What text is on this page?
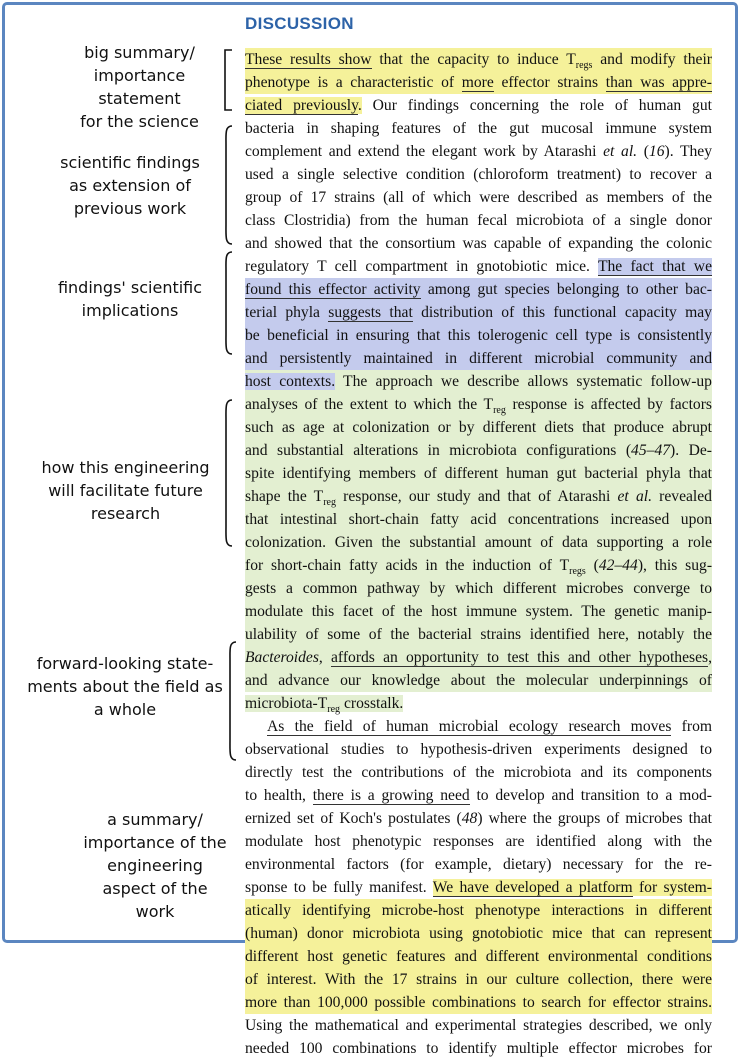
DISCUSSION
big summary/
importance statement
for the science
scientific findings
as extension of
previous work
findings' scientific
implications
how this engineering
will facilitate future
research
forward-looking state-
ments about the field as
a whole
a summary/
importance of the
engineering
aspect of the
work
These results show that the capacity to induce $T_{regs}$ and modify their
phenotype is a characteristic of more effector strains than was appre-
ciated previously. Our findings concerning the role of human gut
bacteria in shaping features of the gut mucosal immune system
complement and extend the elegant work by Atarashi et al. (16). They
used a single selective condition (chloroform treatment) to recover a
group of 17 strains (all of which were described as members of the
class Clostridia) from the human fecal microbiota of a single donor
and showed that the consortium was capable of expanding the colonic
regulatory T cell compartment in gnotobiotic mice. The fact that we
found this effector activity among gut species belonging to other bac-
terial phyla suggests that distribution of this functional capacity may
be beneficial in ensuring that this tolerogenic cell type is consistently
and persistently maintained in different microbial community and
host contexts. The approach we describe allows systematic follow-up
analyses of the extent to which the $T_{reg}$ response is affected by factors
such as age at colonization or by different diets that produce abrupt
and substantial alterations in microbiota configurations (45–47). De-
spite identifying members of different human gut bacterial phyla that
shape the $T_{reg}$ response, our study and that of Atarashi et al. revealed
that intestinal short-chain fatty acid concentrations increased upon
colonization. Given the substantial amount of data supporting a role
for short-chain fatty acids in the induction of $T_{regs}$ (42–44), this sug-
gests a common pathway by which different microbes converge to
modulate this facet of the host immune system. The genetic manip-
ulability of some of the bacterial strains identified here, notably the
Bacteroides, affords an opportunity to test this and other hypotheses,
and advance our knowledge about the molecular underpinnings of
microbiota-$T_{reg}$ crosstalk.
As the field of human microbial ecology research moves from
observational studies to hypothesis-driven experiments designed to
directly test the contributions of the microbiota and its components
to health, there is a growing need to develop and transition to a mod-
ernized set of Koch's postulates (48) where the groups of microbes that
modulate host phenotypic responses are identified along with the
environmental factors (for example, dietary) necessary for the re-
sponse to be fully manifest. We have developed a platform for system-
atically identifying microbe-host phenotype interactions in different
(human) donor microbiota using gnotobiotic mice that can represent
different host genetic features and different environmental conditions
of interest. With the 17 strains in our culture collection, there were
more than 100,000 possible combinations to search for effector strains.
Using the mathematical and experimental strategies described, we only
needed 100 combinations to identify multiple effector microbes for
